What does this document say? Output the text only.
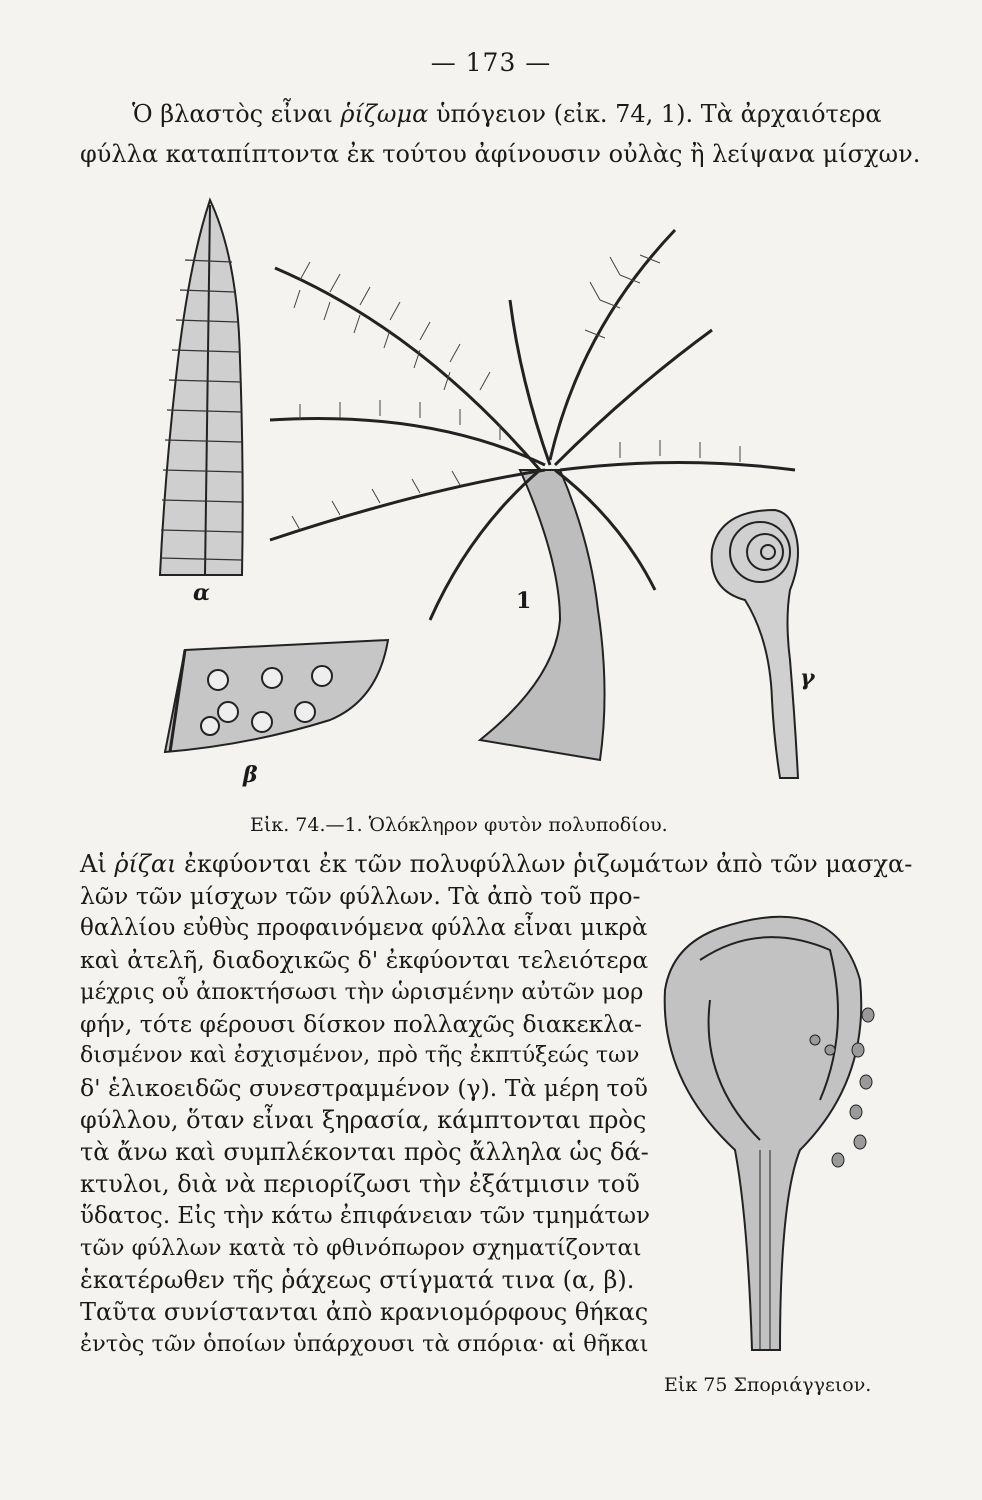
— 173 —
Ὁ βλαστὸς εἶναι ῥίζωμα ὑπόγειον (εἰκ. 74, 1). Τὰ ἀρχαιότερα
φύλλα καταπίπτοντα ἐκ τούτου ἀφίνουσιν οὐλὰς ἢ λείψανα μίσχων.
α	1
β
γ
Εἰκ. 74.—1. Ὁλόκληρον φυτὸν πολυποδίου.
Αἱ ῥίζαι ἐκφύονται ἐκ τῶν πολυφύλλων ῥιζωμάτων ἀπὸ τῶν μασχα-
λῶν τῶν μίσχων τῶν φύλλων. Τὰ ἀπὸ τοῦ προ-
θαλλίου εὐθὺς προφαινόμενα φύλλα εἶναι μικρὰ
καὶ ἀτελῆ, διαδοχικῶς δ' ἐκφύονται τελειότερα
μέχρις οὗ ἀποκτήσωσι τὴν ὡρισμένην αὐτῶν μορ
φήν, τότε φέρουσι δίσκον πολλαχῶς διακεκλα-
δισμένον καὶ ἐσχισμένον, πρὸ τῆς ἐκπτύξεώς των
δ' ἑλικοειδῶς συνεστραμμένον (γ). Τὰ μέρη τοῦ
φύλλου, ὅταν εἶναι ξηρασία, κάμπτονται πρὸς
τὰ ἄνω καὶ συμπλέκονται πρὸς ἄλληλα ὡς δά-
κτυλοι, διὰ νὰ περιορίζωσι τὴν ἐξάτμισιν τοῦ
ὕδατος. Εἰς τὴν κάτω ἐπιφάνειαν τῶν τμημάτων
τῶν φύλλων κατὰ τὸ φθινόπωρον σχηματίζονται
ἑκατέρωθεν τῆς ῥάχεως στίγματά τινα (α, β).
Ταῦτα συνίστανται ἀπὸ κρανιομόρφους θήκας
ἐντὸς τῶν ὁποίων ὑπάρχουσι τὰ σπόρια· αἱ θῆκαι
Εἰκ 75 Σποριάγγειον.
